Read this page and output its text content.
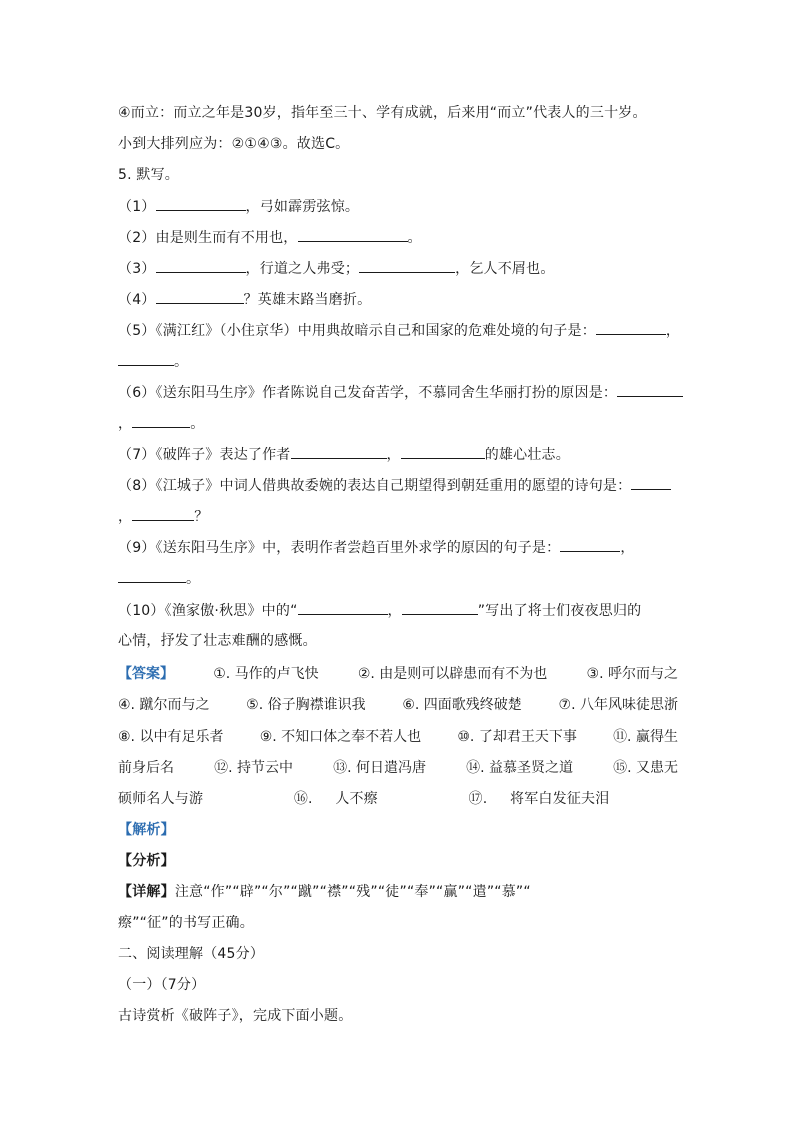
④而立：而立之年是30岁，指年至三十、学有成就，后来用“而立”代表人的三十岁。
小到大排列应为：②①④③。故选C。
5. 默写。
（1）	，弓如霹雳弦惊。
（2）由是则生而有不用也，	。
（3）	，行道之人弗受；	，乞人不屑也。
（4）	？英雄末路当磨折。
（5）《满江红》（小住京华）中用典故暗示自己和国家的危难处境的句子是：	，
。
（6）《送东阳马生序》作者陈说自己发奋苦学，不慕同舍生华丽打扮的原因是：
，	。
（7）《破阵子》表达了作者	，	的雄心壮志。
（8）《江城子》中词人借典故委婉的表达自己期望得到朝廷重用的愿望的诗句是：
，	？
（9）《送东阳马生序》中，表明作者尝趋百里外求学的原因的句子是：	，
。
（10）《渔家傲·秋思》中的“	，	”写出了将士们夜夜思归的
心情，抒发了壮志难酬的感慨。
【答案】	①. 马作的卢飞快	②. 由是则可以辟患而有不为也	③. 呼尔而与之
④. 蹴尔而与之	⑤. 俗子胸襟谁识我	⑥. 四面歌残终破楚	⑦. 八年风味徒思浙
⑧. 以中有足乐者	⑨. 不知口体之奉不若人也	⑩. 了却君王天下事	⑪. 赢得生
前身后名	⑫. 持节云中	⑬. 何日遣冯唐	⑭. 益慕圣贤之道	⑮. 又患无
硕师名人与游	⑯. 人不瘵	⑰. 将军白发征夫泪
【解析】
【分析】
【详解】注意“作”“辟”“尔”“蹴”“襟”“残”“徒”“奉”“赢”“遣”“慕”“
瘵”“征”的书写正确。
二、阅读理解（45分）
（一）（7分）
古诗赏析《破阵子》，完成下面小题。
